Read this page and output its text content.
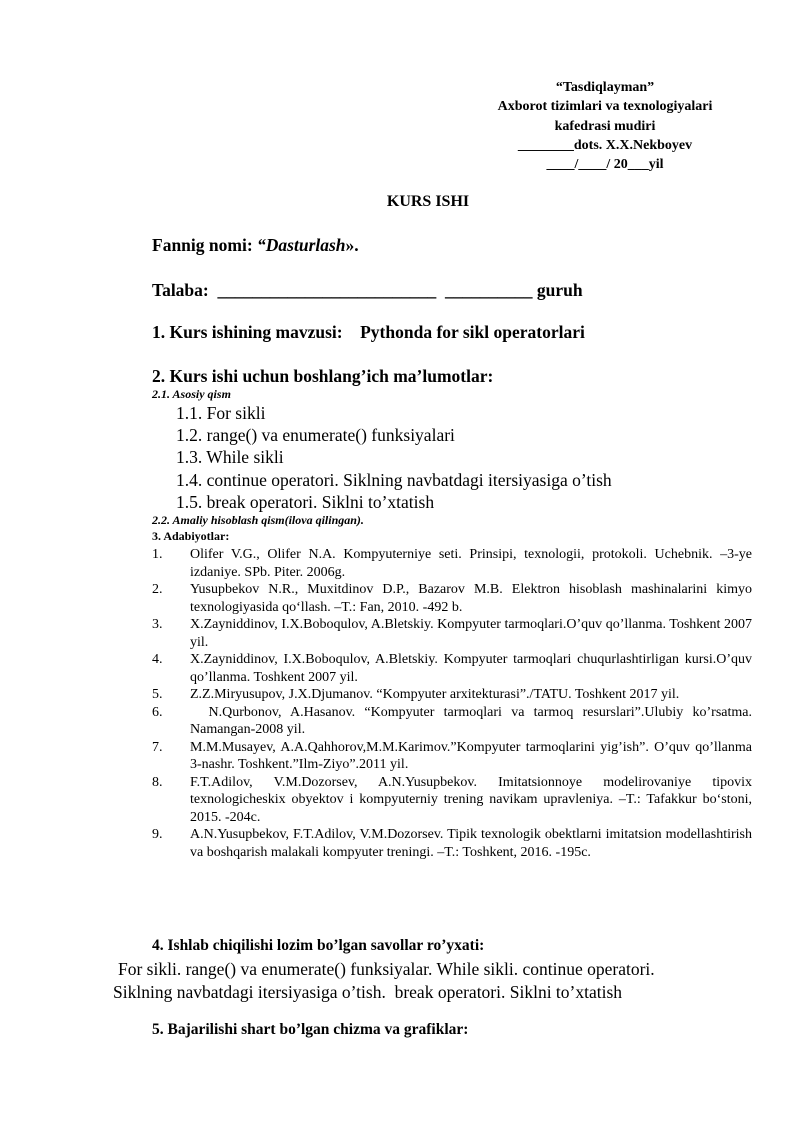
“Tasdiqlayman”
Axborot tizimlari va texnologiyalari
kafedrasi mudiri
________dots. X.X.Nekboyev
____/____/ 20___yil
KURS ISHI
Fannig nomi: “Dasturlash».
Talaba: _________________________ __________ guruh
1. Kurs ishining mavzusi: Pythonda for sikl operatorlari
2. Kurs ishi uchun boshlang’ich ma’lumotlar:
2.1. Asosiy qism
1.1. For sikli
1.2. range() va enumerate() funksiyalari
1.3. While sikli
1.4. continue operatori. Siklning navbatdagi itersiyasiga o’tish
1.5. break operatori. Siklni to’xtatish
2.2. Amaliy hisoblash qism(ilova qilingan).
3. Adabiyotlar:
1.	Olifer V.G., Olifer N.A. Kompyuterniye seti. Prinsipi, texnologii, protokoli. Uchebnik. –3-ye izdaniye. SPb. Piter. 2006g.
2.	Yusupbekov N.R., Muxitdinov D.P., Bazarov M.B. Elektron hisoblash mashinalarini kimyo texnologiyasida qo‘llash. –T.: Fan, 2010. -492 b.
3.	X.Zayniddinov, I.X.Boboqulov, A.Bletskiy. Kompyuter tarmoqlari.O’quv qo’llanma. Toshkent 2007 yil.
4.	X.Zayniddinov, I.X.Boboqulov, A.Bletskiy. Kompyuter tarmoqlari chuqurlashtirligan kursi.O’quv qo’llanma. Toshkent 2007 yil.
5.	Z.Z.Miryusupov, J.X.Djumanov. “Kompyuter arxitekturasi”./TATU. Toshkent 2017 yil.
6.	N.Qurbonov, A.Hasanov. “Kompyuter tarmoqlari va tarmoq resurslari”.Ulubiy ko’rsatma. Namangan-2008 yil.
7.	M.M.Musayev, A.A.Qahhorov,M.M.Karimov.”Kompyuter tarmoqlarini yig’ish”. O’quv qo’llanma 3-nashr. Toshkent.”Ilm-Ziyo”.2011 yil.
8.	F.T.Adilov, V.M.Dozorsev, A.N.Yusupbekov. Imitatsionnoye modelirovaniye tipovix texnologicheskix obyektov i kompyuterniy trening navikam upravleniya. –T.: Tafakkur bo‘stoni, 2015. -204c.
9.	A.N.Yusupbekov, F.T.Adilov, V.M.Dozorsev. Tipik texnologik obektlarni imitatsion modellashtirish va boshqarish malakali kompyuter treningi. –T.: Toshkent, 2016. -195c.
4. Ishlab chiqilishi lozim bo’lgan savollar ro’yxati:
For sikli. range() va enumerate() funksiyalar. While sikli. continue operatori.
Siklning navbatdagi itersiyasiga o’tish.  break operatori. Siklni to’xtatish
5. Bajarilishi shart bo’lgan chizma va grafiklar:
